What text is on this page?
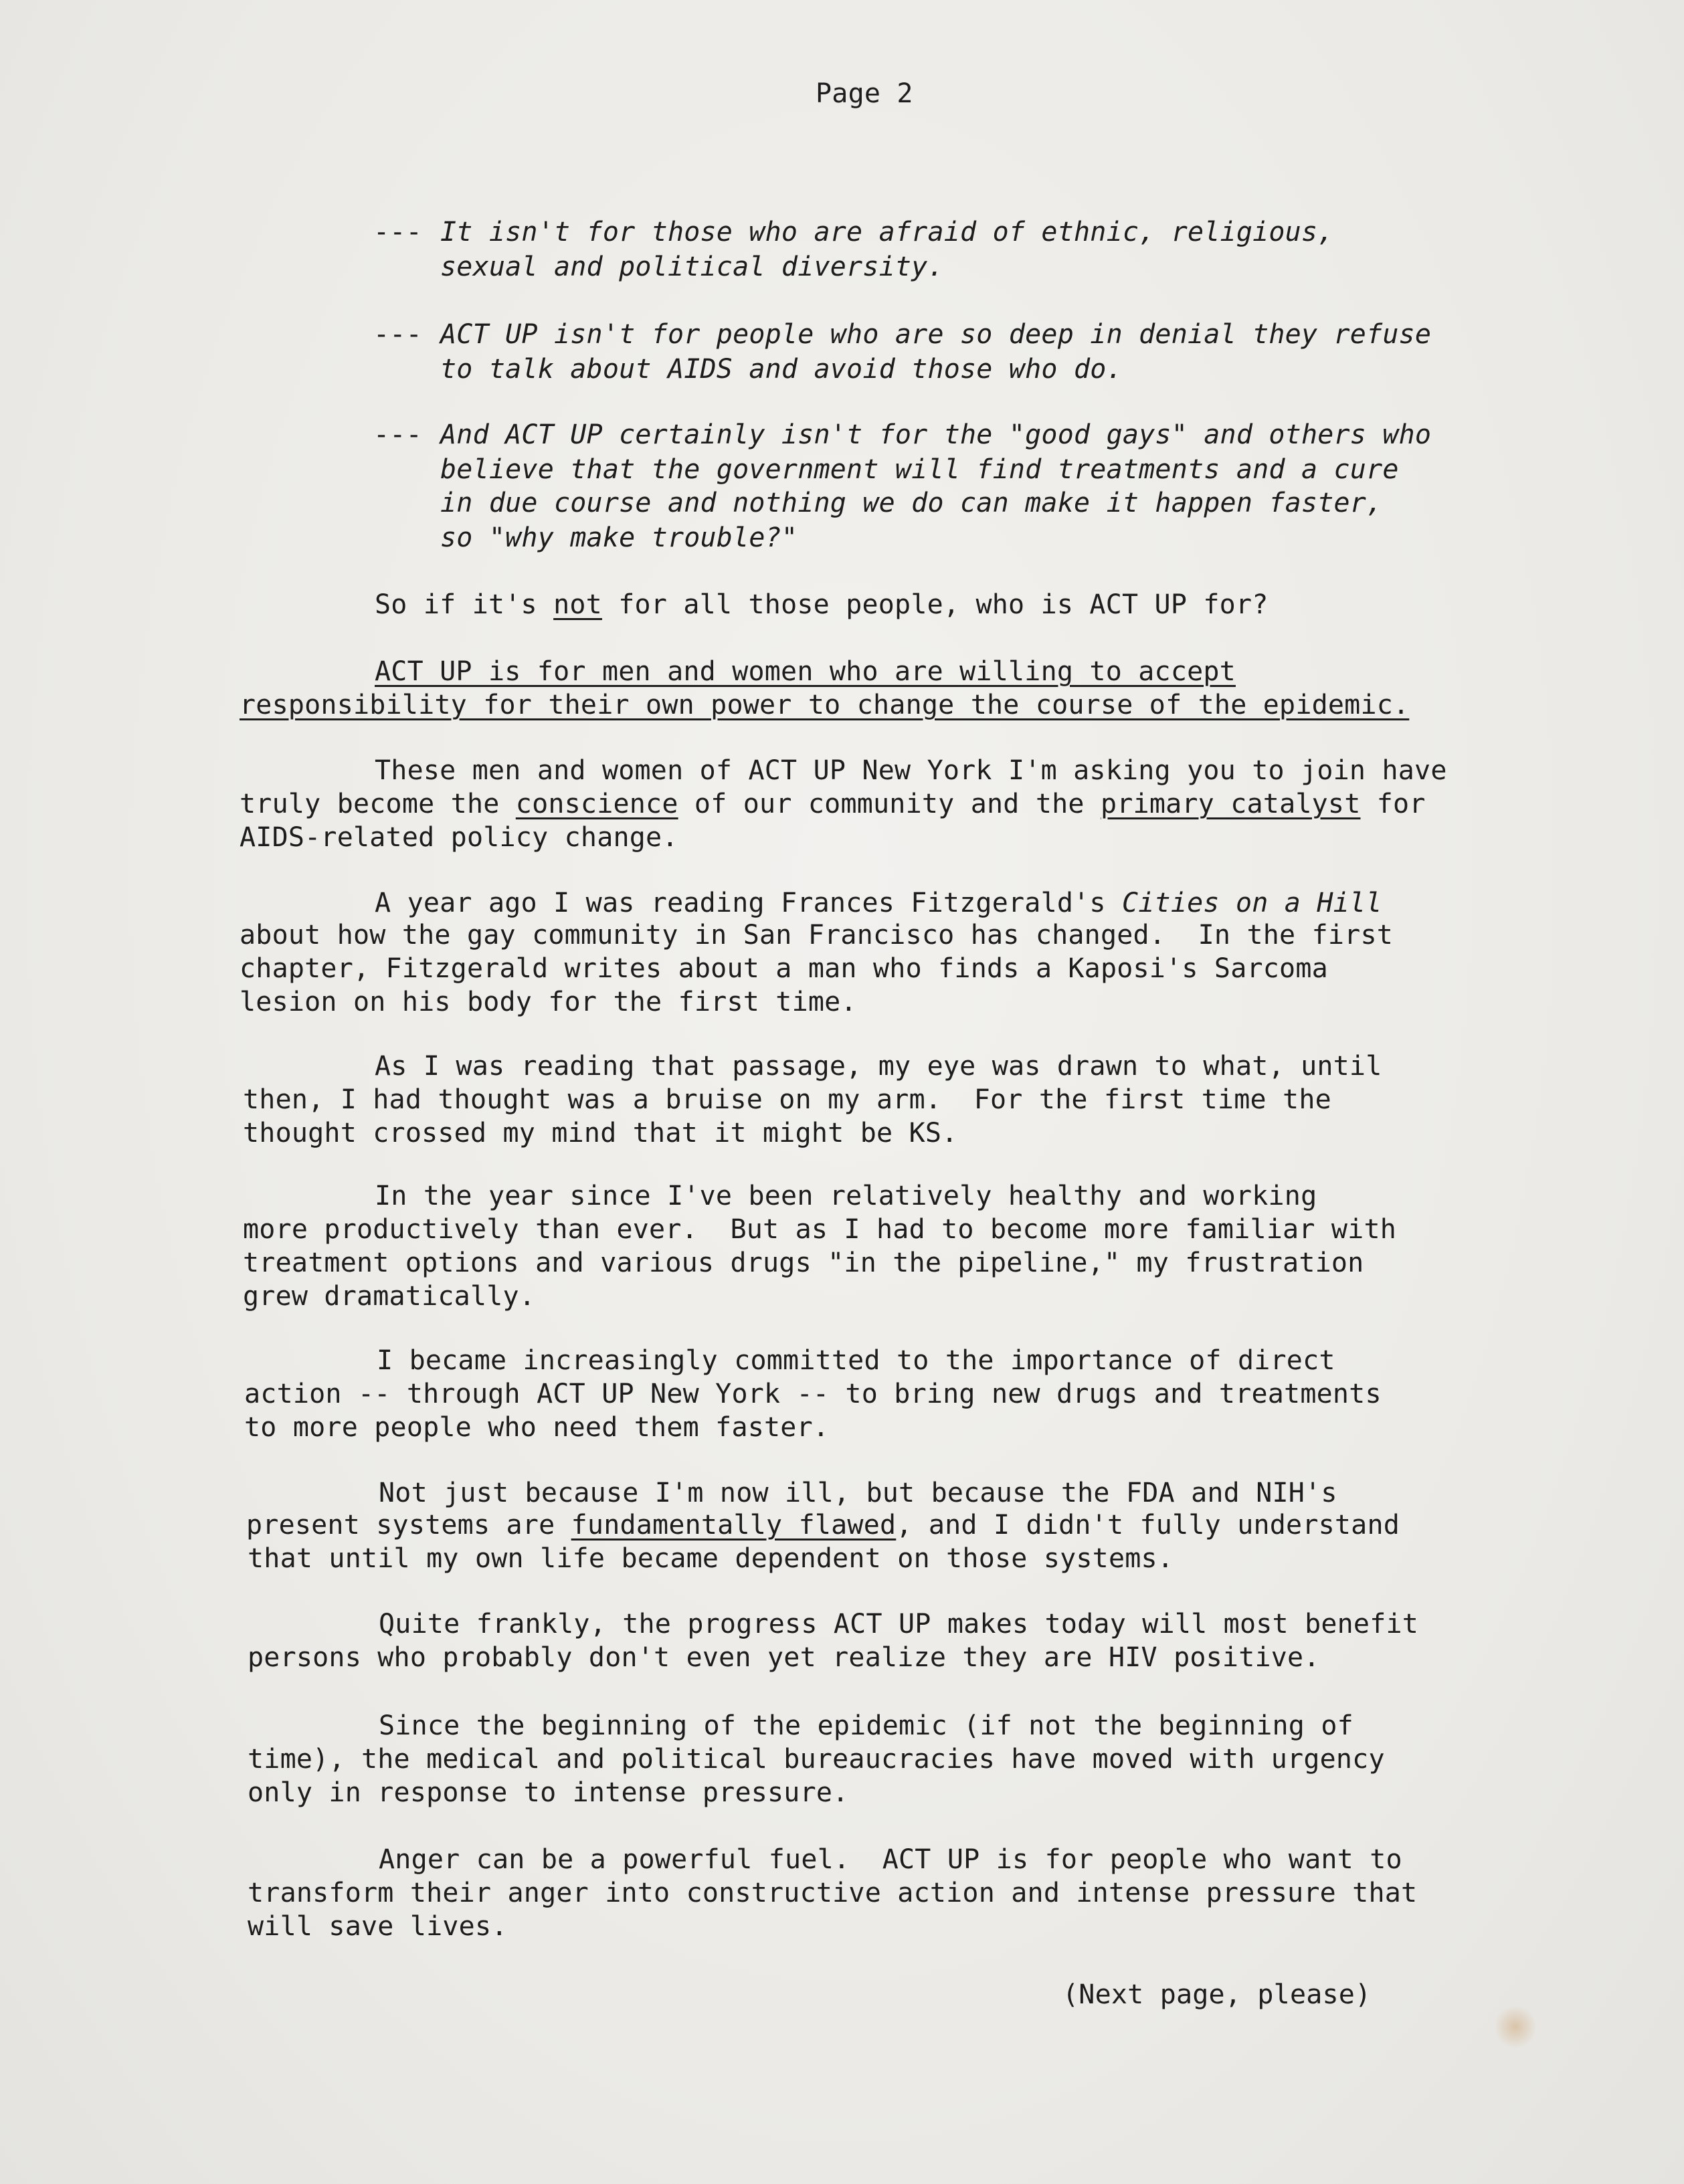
Page 2
--- It isn't for those who are afraid of ethnic, religious,
sexual and political diversity.
--- ACT UP isn't for people who are so deep in denial they refuse
to talk about AIDS and avoid those who do.
--- And ACT UP certainly isn't for the "good gays" and others who
believe that the government will find treatments and a cure
in due course and nothing we do can make it happen faster,
so "why make trouble?"
So if it's not for all those people, who is ACT UP for?
ACT UP is for men and women who are willing to accept
responsibility for their own power to change the course of the epidemic.
These men and women of ACT UP New York I'm asking you to join have
truly become the conscience of our community and the primary catalyst for
AIDS-related policy change.
A year ago I was reading Frances Fitzgerald's Cities on a Hill
about how the gay community in San Francisco has changed.  In the first
chapter, Fitzgerald writes about a man who finds a Kaposi's Sarcoma
lesion on his body for the first time.
As I was reading that passage, my eye was drawn to what, until
then, I had thought was a bruise on my arm.  For the first time the
thought crossed my mind that it might be KS.
In the year since I've been relatively healthy and working
more productively than ever.  But as I had to become more familiar with
treatment options and various drugs "in the pipeline," my frustration
grew dramatically.
I became increasingly committed to the importance of direct
action -- through ACT UP New York -- to bring new drugs and treatments
to more people who need them faster.
Not just because I'm now ill, but because the FDA and NIH's
present systems are fundamentally flawed, and I didn't fully understand
that until my own life became dependent on those systems.
Quite frankly, the progress ACT UP makes today will most benefit
persons who probably don't even yet realize they are HIV positive.
Since the beginning of the epidemic (if not the beginning of
time), the medical and political bureaucracies have moved with urgency
only in response to intense pressure.
Anger can be a powerful fuel.  ACT UP is for people who want to
transform their anger into constructive action and intense pressure that
will save lives.
(Next page, please)
